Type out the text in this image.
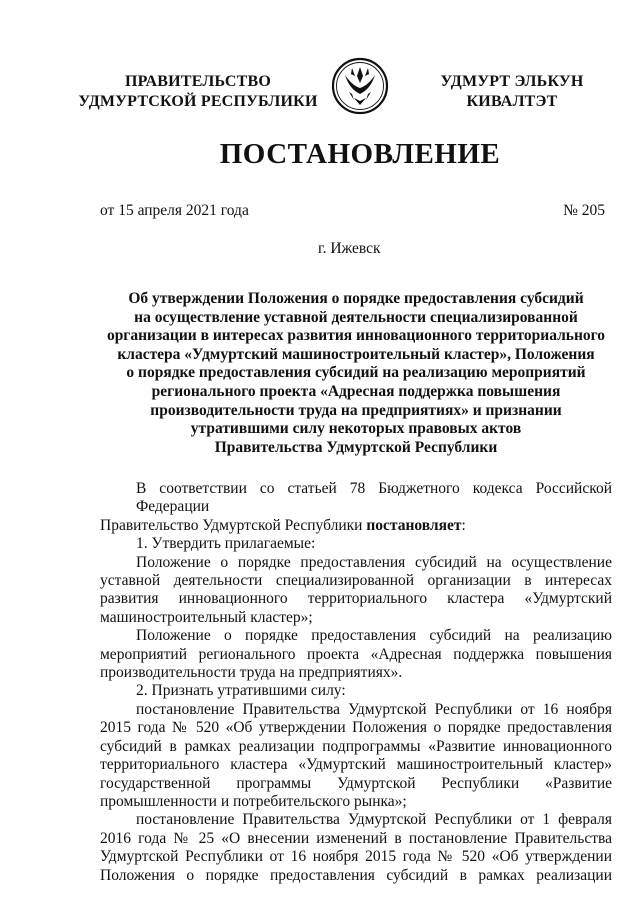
ПРАВИТЕЛЬСТВО
УДМУРТСКОЙ РЕСПУБЛИКИ
УДМУРТ ЭЛЬКУН
КИВАЛТЭТ
ПОСТАНОВЛЕНИЕ
от 15 апреля 2021 года	№ 205
г. Ижевск
Об утверждении Положения о порядке предоставления субсидий
на осуществление уставной деятельности специализированной
организации в интересах развития инновационного территориального
кластера «Удмуртский машиностроительный кластер», Положения
о порядке предоставления субсидий на реализацию мероприятий
регионального проекта «Адресная поддержка повышения
производительности труда на предприятиях» и признании
утратившими силу некоторых правовых актов
Правительства Удмуртской Республики

В соответствии со статьей 78 Бюджетного кодекса Российской Федерации

Правительство Удмуртской Республики постановляет:

1. Утвердить прилагаемые:

Положение о порядке предоставления субсидий на осуществление

уставной деятельности специализированной организации в интересах
развития инновационного территориального кластера «Удмуртский
машиностроительный кластер»;

Положение о порядке предоставления субсидий на реализацию

мероприятий регионального проекта «Адресная поддержка повышения
производительности труда на предприятиях».

2. Признать утратившими силу:

постановление Правительства Удмуртской Республики от 16 ноября

2015 года № 520 «Об утверждении Положения о порядке предоставления
субсидий в рамках реализации подпрограммы «Развитие инновационного
территориального кластера «Удмуртский машиностроительный кластер»
государственной программы Удмуртской Республики «Развитие
промышленности и потребительского рынка»;

постановление Правительства Удмуртской Республики от 1 февраля

2016 года № 25 «О внесении изменений в постановление Правительства
Удмуртской Республики от 16 ноября 2015 года № 520 «Об утверждении
Положения о порядке предоставления субсидий в рамках реализации
